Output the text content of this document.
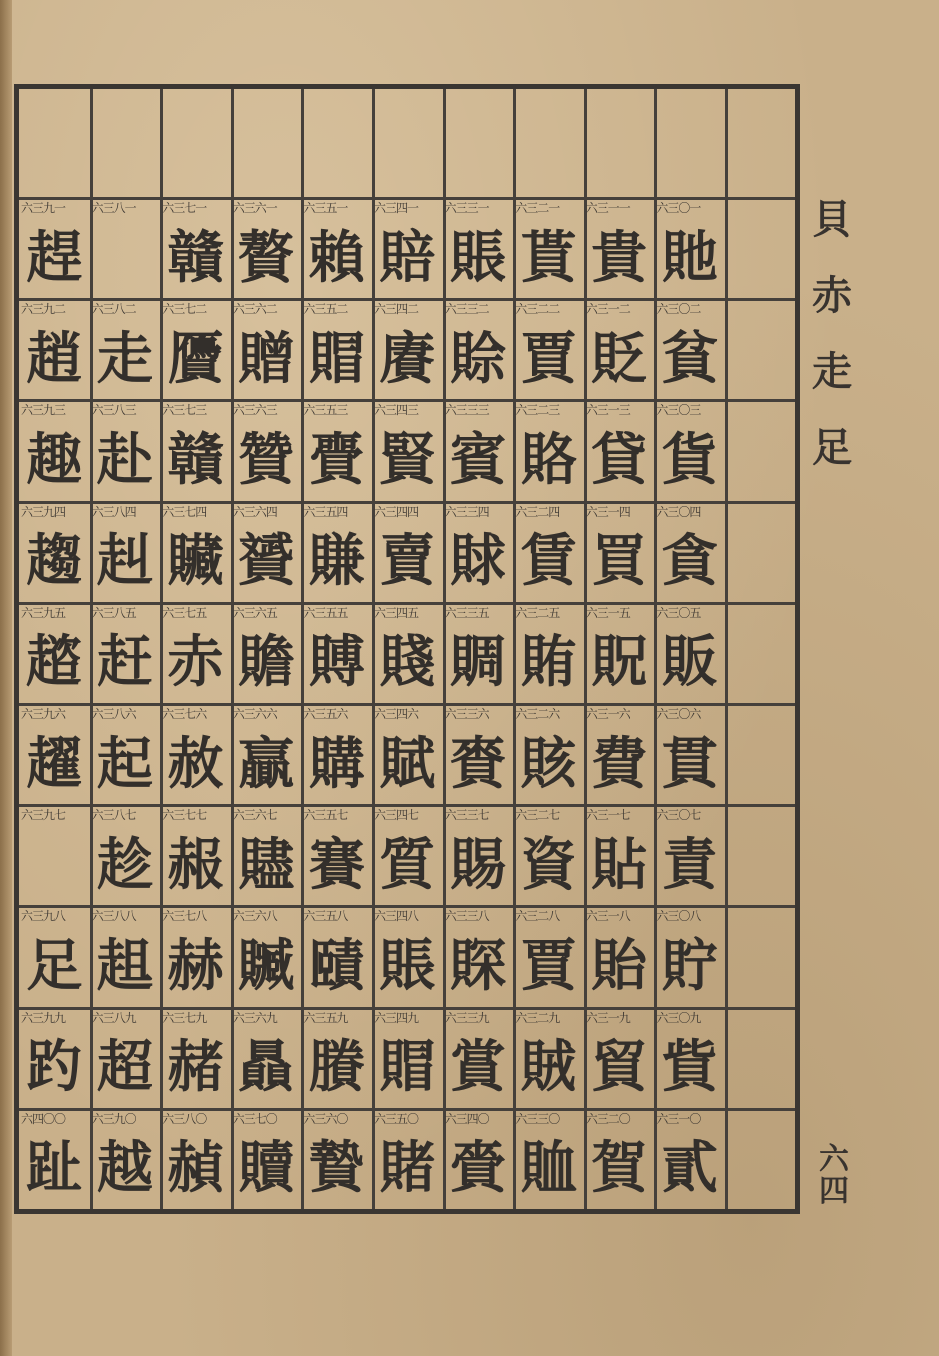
六三〇一
貤
六三〇二
貧
六三〇三
貨
六三〇四
貪
六三〇五
販
六三〇六
貫
六三〇七
責
六三〇八
貯
六三〇九
貲
六三一〇
貳
六三一一
貴
六三一二
貶
六三一三
貸
六三一四
買
六三一五
貺
六三一六
費
六三一七
貼
六三一八
貽
六三一九
貿
六三二〇
賀
六三二一
貰
六三二二
賈
六三二三
賂
六三二四
賃
六三二五
賄
六三二六
賅
六三二七
資
六三二八
賈
六三二九
賊
六三三〇
賉
六三三一
賬
六三三二
賒
六三三三
賓
六三三四
賕
六三三五
賙
六三三六
賚
六三三七
賜
六三三八
賝
六三三九
賞
六三四〇
賫
六三四一
賠
六三四二
賡
六三四三
賢
六三四四
賣
六三四五
賤
六三四六
賦
六三四七
質
六三四八
賬
六三四九
賵
六三五〇
賭
六三五一
賴
六三五二
賵
六三五三
賷
六三五四
賺
六三五五
賻
六三五六
購
六三五七
賽
六三五八
賾
六三五九
賸
六三六〇
贄
六三六一
贅
六三六二
贈
六三六三
贊
六三六四
贇
六三六五
贍
六三六六
贏
六三六七
贐
六三六八
贓
六三六九
贔
六三七〇
贖
六三七一
贛
六三七二
贗
六三七三
贛
六三七四
贜
六三七五
赤
六三七六
赦
六三七七
赧
六三七八
赫
六三七九
赭
六三八〇
赬
六三八一
六三八二
走
六三八三
赴
六三八四
赳
六三八五
赶
六三八六
起
六三八七
趁
六三八八
趄
六三八九
超
六三九〇
越
六三九一
趕
六三九二
趙
六三九三
趣
六三九四
趨
六三九五
趦
六三九六
趯
六三九七
六三九八
足
六三九九
趵
六四〇〇
趾
貝
赤
走
足
六
四
